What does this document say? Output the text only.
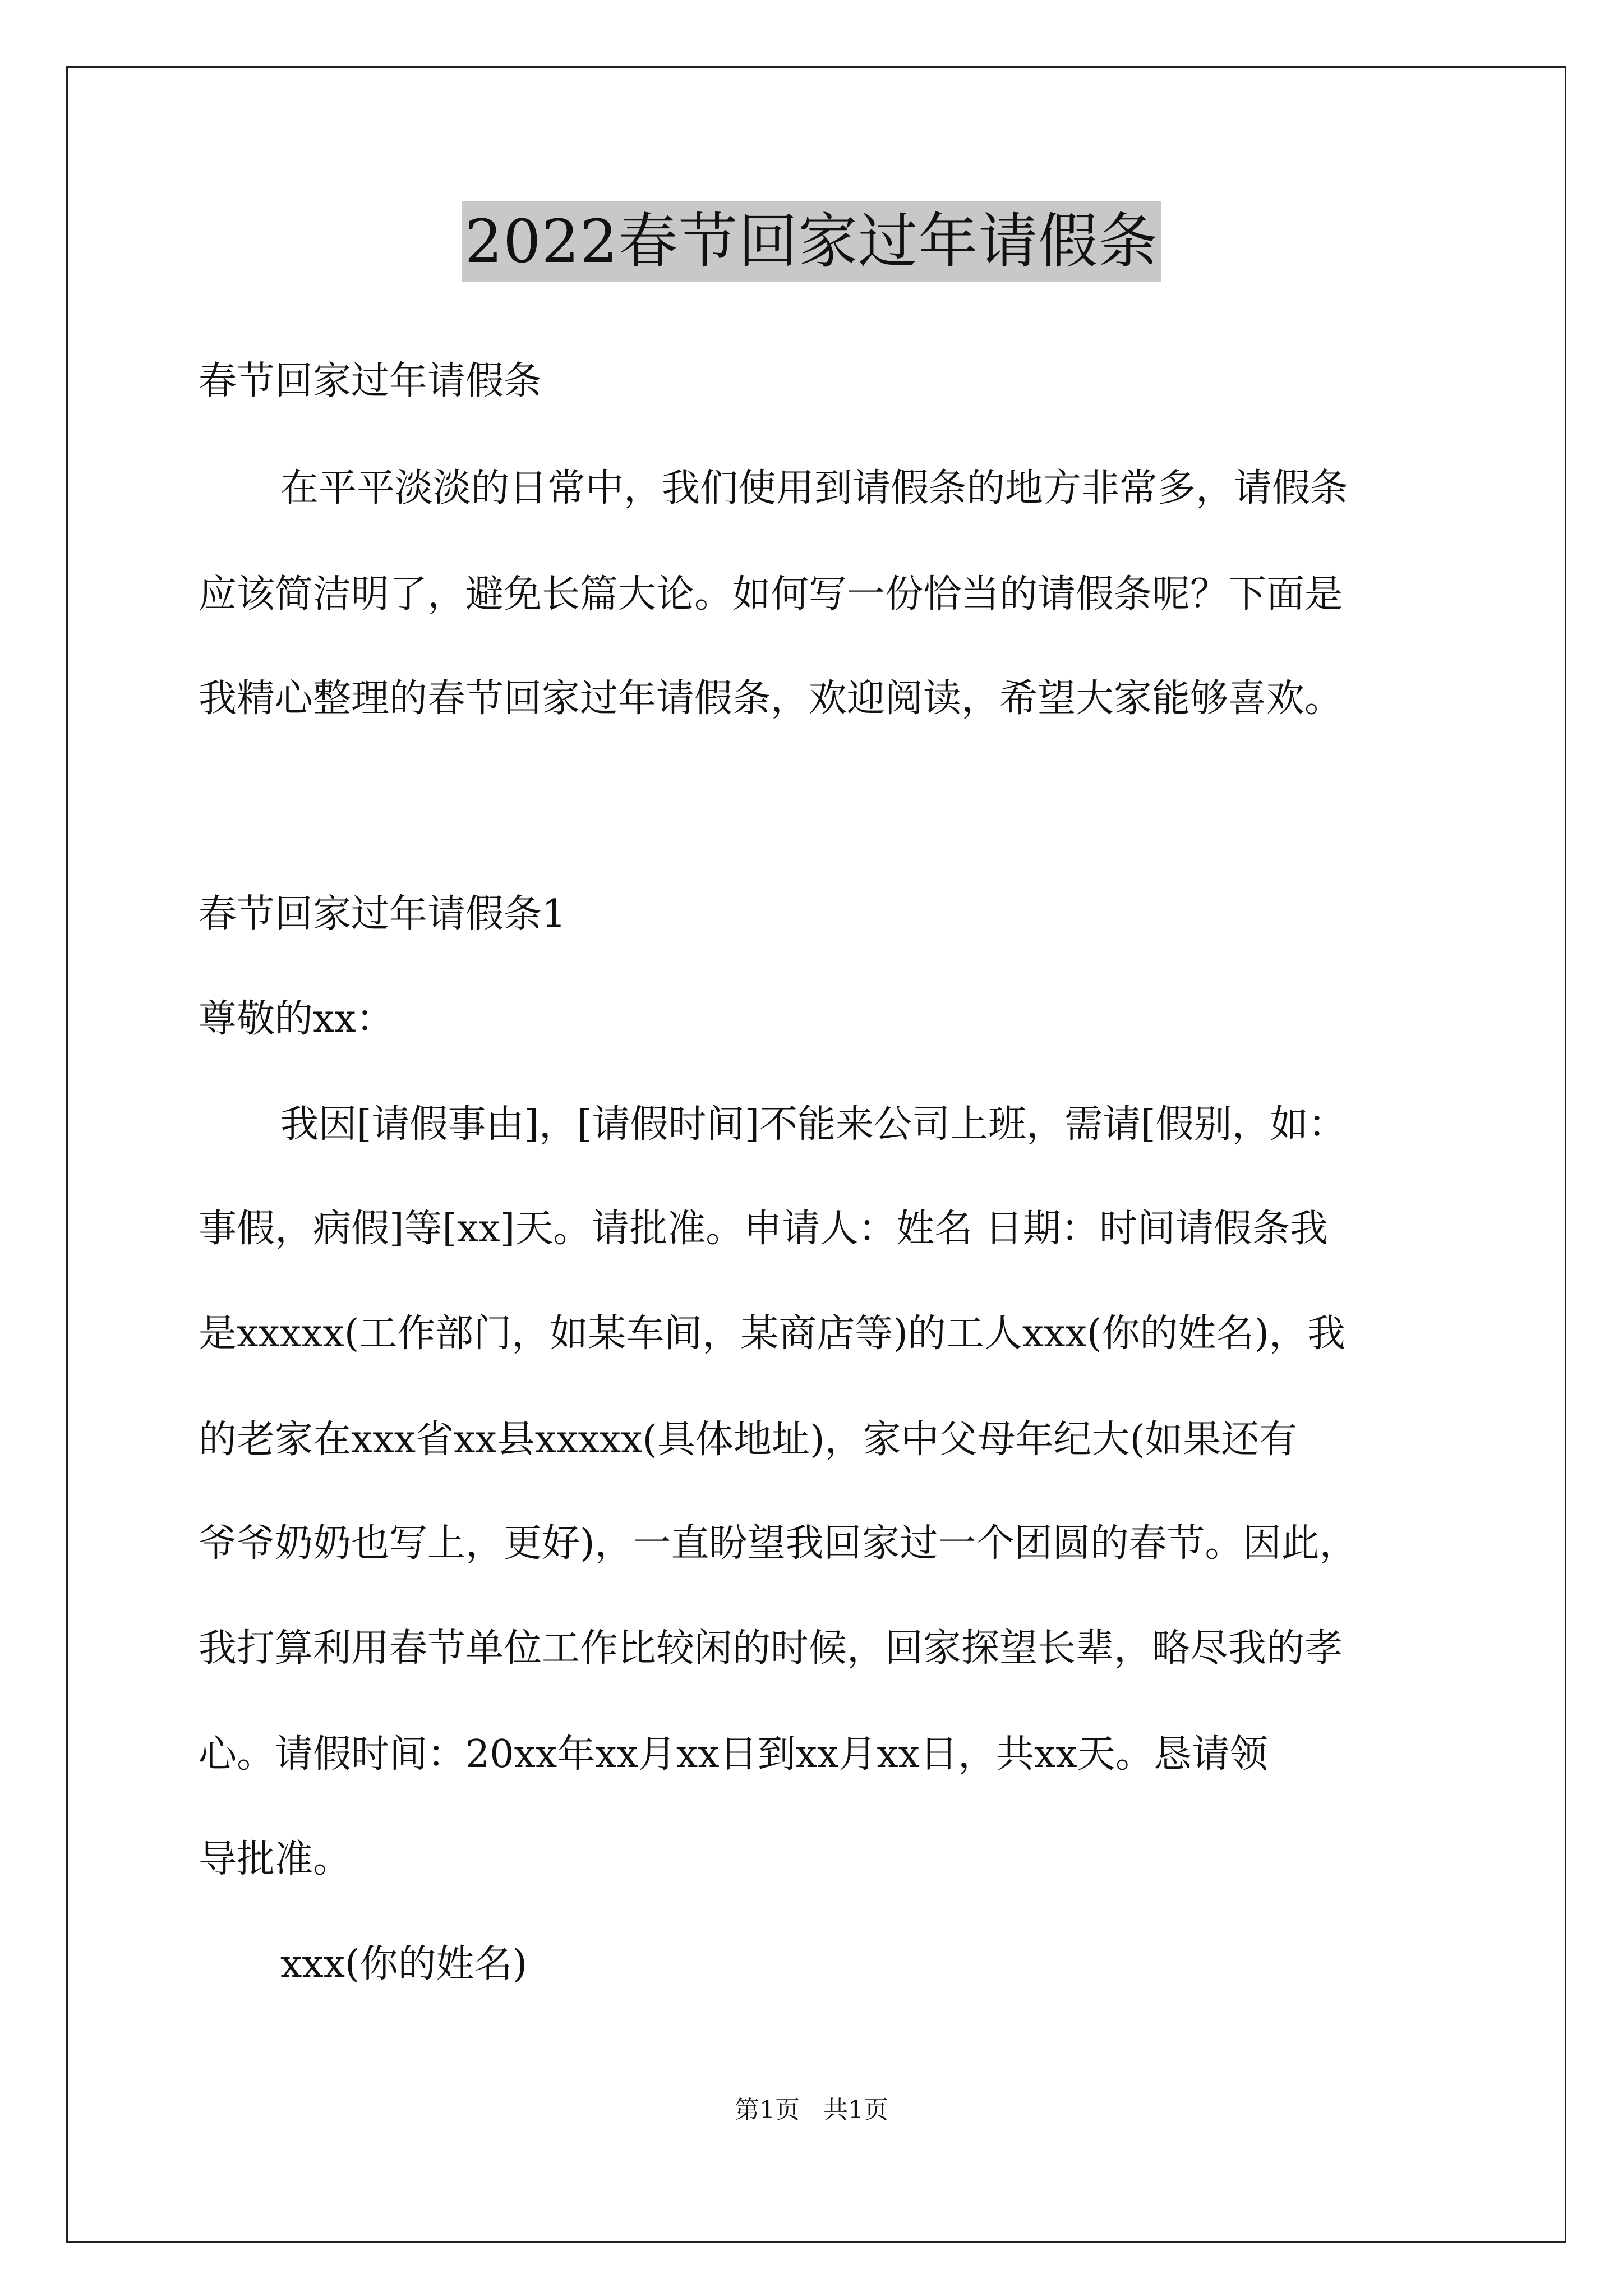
2022春节回家过年请假条
春节回家过年请假条
在平平淡淡的日常中，我们使用到请假条的地方非常多，请假条
应该简洁明了，避免长篇大论。如何写一份恰当的请假条呢？下面是
我精心整理的春节回家过年请假条，欢迎阅读，希望大家能够喜欢。
春节回家过年请假条1
尊敬的xx：
我因[请假事由]，[请假时间]不能来公司上班，需请[假别，如：
事假，病假]等[xx]天。请批准。申请人：姓名 日期：时间请假条我
是xxxxx(工作部门，如某车间，某商店等)的工人xxx(你的姓名)，我
的老家在xxx省xx县xxxxx(具体地址)，家中父母年纪大(如果还有
爷爷奶奶也写上，更好)，一直盼望我回家过一个团圆的春节。因此，
我打算利用春节单位工作比较闲的时候，回家探望长辈，略尽我的孝
心。请假时间：20xx年xx月xx日到xx月xx日，共xx天。恳请领
导批准。
xxx(你的姓名)
第1页   共1页
